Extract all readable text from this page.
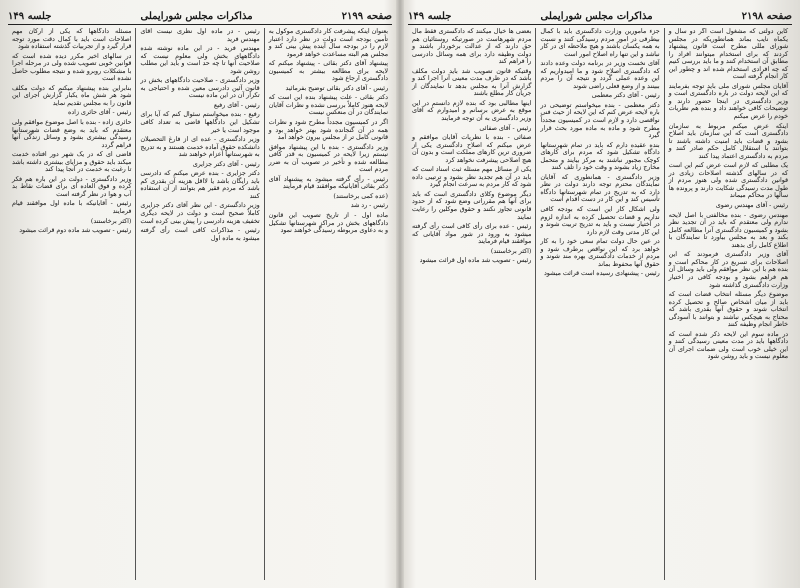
صفحه ۲۱۹۸
مذاکرات مجلس شورایملی
جلسه ۱۴۹

کاین دولتی که مشغول است اگر دو سال و یکماه نایب بماند همانطوریکه در مجلس شورای مللی مطرح است قانون پیشنهاد کردند که برای استخدام میتوانند افراد را مطابق آن استخدام کنند و ما باید بررسی کنیم که چه افرادی استخدام شده اند و چطور این کار انجام گرفته است

آقایان مجلس شورای ملی باید توجه بفرمایند که این لایحه دولت در باره دادگستری است و وزیر دادگستری در اینجا حضور دارند و توضیحات کافی خواهند داد و بنده هم نظریات خودم را عرض میکنم

اینکه عرض میکنم مربوط به سازمان دادگستری است که این سازمان باید اصلاح بشود و قضات باید امنیت داشته باشند تا بتوانند با استقلال کامل حکم صادر کنند و مردم به دادگستری اعتماد پیدا کنند

یک مطلبی که لازم است عرض کنم این است که در سالهای گذشته اصلاحات زیادی در قوانین دادگستری شده ولی هنوز مردم از طول مدت رسیدگی شکایت دارند و پرونده ها سالها در محاکم میماند

رئیس - آقای مهندس رضوی

مهندس رضوی - بنده مخالفتی با اصل لایحه ندارم ولی معتقدم که باید در آن تجدید نظر بشود و کمیسیون دادگستری آنرا مطالعه کامل بکند و بعد به مجلس بیاورد تا نمایندگان با اطلاع کامل رأی بدهند

آقای وزیر دادگستری فرمودند که این اصلاحات برای تسریع در کار محاکم است و بنده هم با این نظر موافقم ولی باید وسائل آن هم فراهم بشود و بودجه کافی در اختیار وزارت دادگستری گذاشته شود

موضوع دیگر مسئله انتخاب قضات است که باید از میان اشخاص صالح و تحصیل کرده انتخاب شوند و حقوق آنها بقدری باشد که محتاج به هیچکس نباشند و بتوانند با آسودگی خاطر انجام وظیفه کنند

در ماده سوم این لایحه ذکر شده است که دادگاهها باید در مدت معینی رسیدگی کنند و این خیلی خوب است ولی ضمانت اجرای آن معلوم نیست و باید روشن شود

جزء مأمورین وزارت دادگستری باید با کمال بیطرفی در امور مردم رسیدگی کنند و نسبت به همه یکسان باشند و هیچ ملاحظه ای در کار نباشد و این تنها راه اصلاح امور است

آقای نخست وزیر در برنامه دولت وعده دادند که دادگستری اصلاح شود و ما امیدواریم که این وعده عملی گردد و نتیجه آن را مردم ببینند و از وضع فعلی راضی شوند

رئیس - آقای دکتر معظمی

دکتر معظمی - بنده میخواستم توضیحی در باره لایحه عرض کنم که این لایحه از حیث فنی نواقصی دارد و لازم است در کمیسیون مجدداً مطرح شود و ماده به ماده مورد بحث قرار گیرد

بنده عقیده دارم که باید در تمام شهرستانها دادگاه تشکیل شود که مردم برای کارهای کوچک مجبور نباشند به مرکز بیایند و متحمل مخارج زیاد بشوند و وقت خود را تلف کنند

وزیر دادگستری - همانطوری که آقایان نمایندگان محترم توجه دارند دولت در نظر دارد که به تدریج در تمام شهرستانها دادگاه تأسیس کند و این کار در دست اقدام است

ولی اشکال کار این است که بودجه کافی نداریم و قضات تحصیل کرده به اندازه لزوم در اختیار نیست و باید به تدریج تربیت شوند و این کار مدتی وقت لازم دارد

در عین حال دولت تمام سعی خود را به کار خواهد برد که این نواقص برطرف شود و مردم از خدمات دادگستری بهره مند شوند و حقوق آنها محفوظ بماند

رئیس - پیشنهادی رسیده است قرائت میشود

بعضی ها خیال میکنند که دادگستری فقط مال مردم شهرهاست در صورتیکه روستائیان هم حق دارند که از عدالت برخوردار باشند و دولت وظیفه دارد برای همه وسائل دادرسی را فراهم کند

وقتیکه قانون تصویب شد باید دولت مکلف باشد که در ظرف مدت معینی آنرا اجرا کند و گزارش آنرا به مجلس بدهد تا نمایندگان از جریان کار مطلع باشند

اینها مطالبی بود که بنده لازم دانستم در این موقع به عرض برسانم و امیدوارم که آقای وزیر دادگستری به آن توجه فرمایند

رئیس - آقای صفائی

صفائی - بنده با نظریات آقایان موافقم و عرض میکنم که اصلاح دادگستری یکی از ضروری ترین کارهای مملکت است و بدون آن هیچ اصلاحی پیشرفت نخواهد کرد

یکی از مسائل مهم مسئله ثبت اسناد است که باید در آن هم تجدید نظر بشود و ترتیبی داده شود که کار مردم به سرعت انجام گیرد

دیگر موضوع وکلای دادگستری است که باید برای آنها هم مقرراتی وضع شود که از حدود قانونی تجاوز نکنند و حقوق موکلین را رعایت نمایند

رئیس - عده برای رأی کافی است رأی گرفته میشود به ورود در شور مواد آقایانی که موافقند قیام فرمایند

(اکثر برخاستند)

رئیس - تصویب شد ماده اول قرائت میشود

صفحه ۲۱۹۹
مذاکرات مجلس شورایملی
جلسه ۱۴۹

بعنوان اینکه پیشرفت کار دادگستری موکول به تأمین بودجه است دولت در نظر دارد اعتبار لازم را در بودجه سال آینده پیش بینی کند و مجلس هم البته مساعدت خواهد فرمود

پیشنهاد آقای دکتر بقائی - پیشنهاد میکنم که لایحه برای مطالعه بیشتر به کمیسیون دادگستری ارجاع شود

رئیس - آقای دکتر بقائی توضیح بفرمائید

دکتر بقائی - علت پیشنهاد بنده این است که لایحه هنوز کاملاً بررسی نشده و نظرات آقایان نمایندگان در آن منعکس نیست

اگر در کمیسیون مجدداً مطرح شود و نظرات همه در آن گنجانده شود بهتر خواهد بود و قانونی کامل تر از مجلس بیرون خواهد آمد

وزیر دادگستری - بنده با این پیشنهاد موافق نیستم زیرا لایحه در کمیسیون به قدر کافی مطالعه شده و تأخیر در تصویب آن به ضرر مردم است

رئیس - رأی گرفته میشود به پیشنهاد آقای دکتر بقائی آقایانیکه موافقند قیام فرمایند

(عده کمی برخاستند)

رئیس - رد شد

ماده اول - از تاریخ تصویب این قانون دادگاههای بخش در مراکز شهرستانها تشکیل و به دعاوی مربوطه رسیدگی خواهند نمود

رئیس - در ماده اول نظری نیست آقای مهندس فرید

مهندس فرید - در این ماده نوشته شده دادگاههای بخش ولی معلوم نیست که صلاحیت آنها تا چه حد است و باید این مطلب روشن شود

وزیر دادگستری - صلاحیت دادگاههای بخش در قانون آئین دادرسی معین شده و احتیاجی به تکرار آن در این ماده نیست

رئیس - آقای رفیع

رفیع - بنده میخواستم سئوال کنم که آیا برای تشکیل این دادگاهها قاضی به تعداد کافی موجود است یا خیر

وزیر دادگستری - عده ای از فارغ التحصیلان دانشکده حقوق آماده خدمت هستند و به تدریج به شهرستانها اعزام خواهند شد

رئیس - آقای دکتر جزایری

دکتر جزایری - بنده عرض میکنم که دادرسی باید رایگان باشد یا لااقل هزینه آن بقدری کم باشد که مردم فقیر هم بتوانند از آن استفاده کنند

وزیر دادگستری - این نظر آقای دکتر جزایری کاملاً صحیح است و دولت در لایحه دیگری تخفیف هزینه دادرسی را پیش بینی کرده است

رئیس - مذاکرات کافی است رأی گرفته میشود به ماده اول

مسئله دادگاهها که یکی از ارکان مهم اصلاحات است باید با کمال دقت مورد توجه قرار گیرد و از تجربیات گذشته استفاده شود

در سالهای اخیر مکرر دیده شده است که قوانین خوبی تصویب شده ولی در مرحله اجرا با مشکلات روبرو شده و نتیجه مطلوب حاصل نشده است

بنابراین بنده پیشنهاد میکنم که دولت مکلف شود هر شش ماه یکبار گزارش اجرای این قانون را به مجلس تقدیم نماید

رئیس - آقای حائری زاده

حائری زاده - بنده با اصل موضوع موافقم ولی معتقدم که باید به وضع قضات شهرستانها رسیدگی بیشتری بشود و وسائل زندگی آنها فراهم گردد

قاضی ای که در یک شهر دور افتاده خدمت میکند باید حقوق و مزایای بیشتری داشته باشد تا رغبت به خدمت در آنجا پیدا کند

وزیر دادگستری - دولت در این باره هم فکر کرده و فوق العاده ای برای قضات نقاط بد آب و هوا در نظر گرفته است

رئیس - آقایانیکه با ماده اول موافقند قیام فرمایند

(اکثر برخاستند)

رئیس - تصویب شد ماده دوم قرائت میشود
